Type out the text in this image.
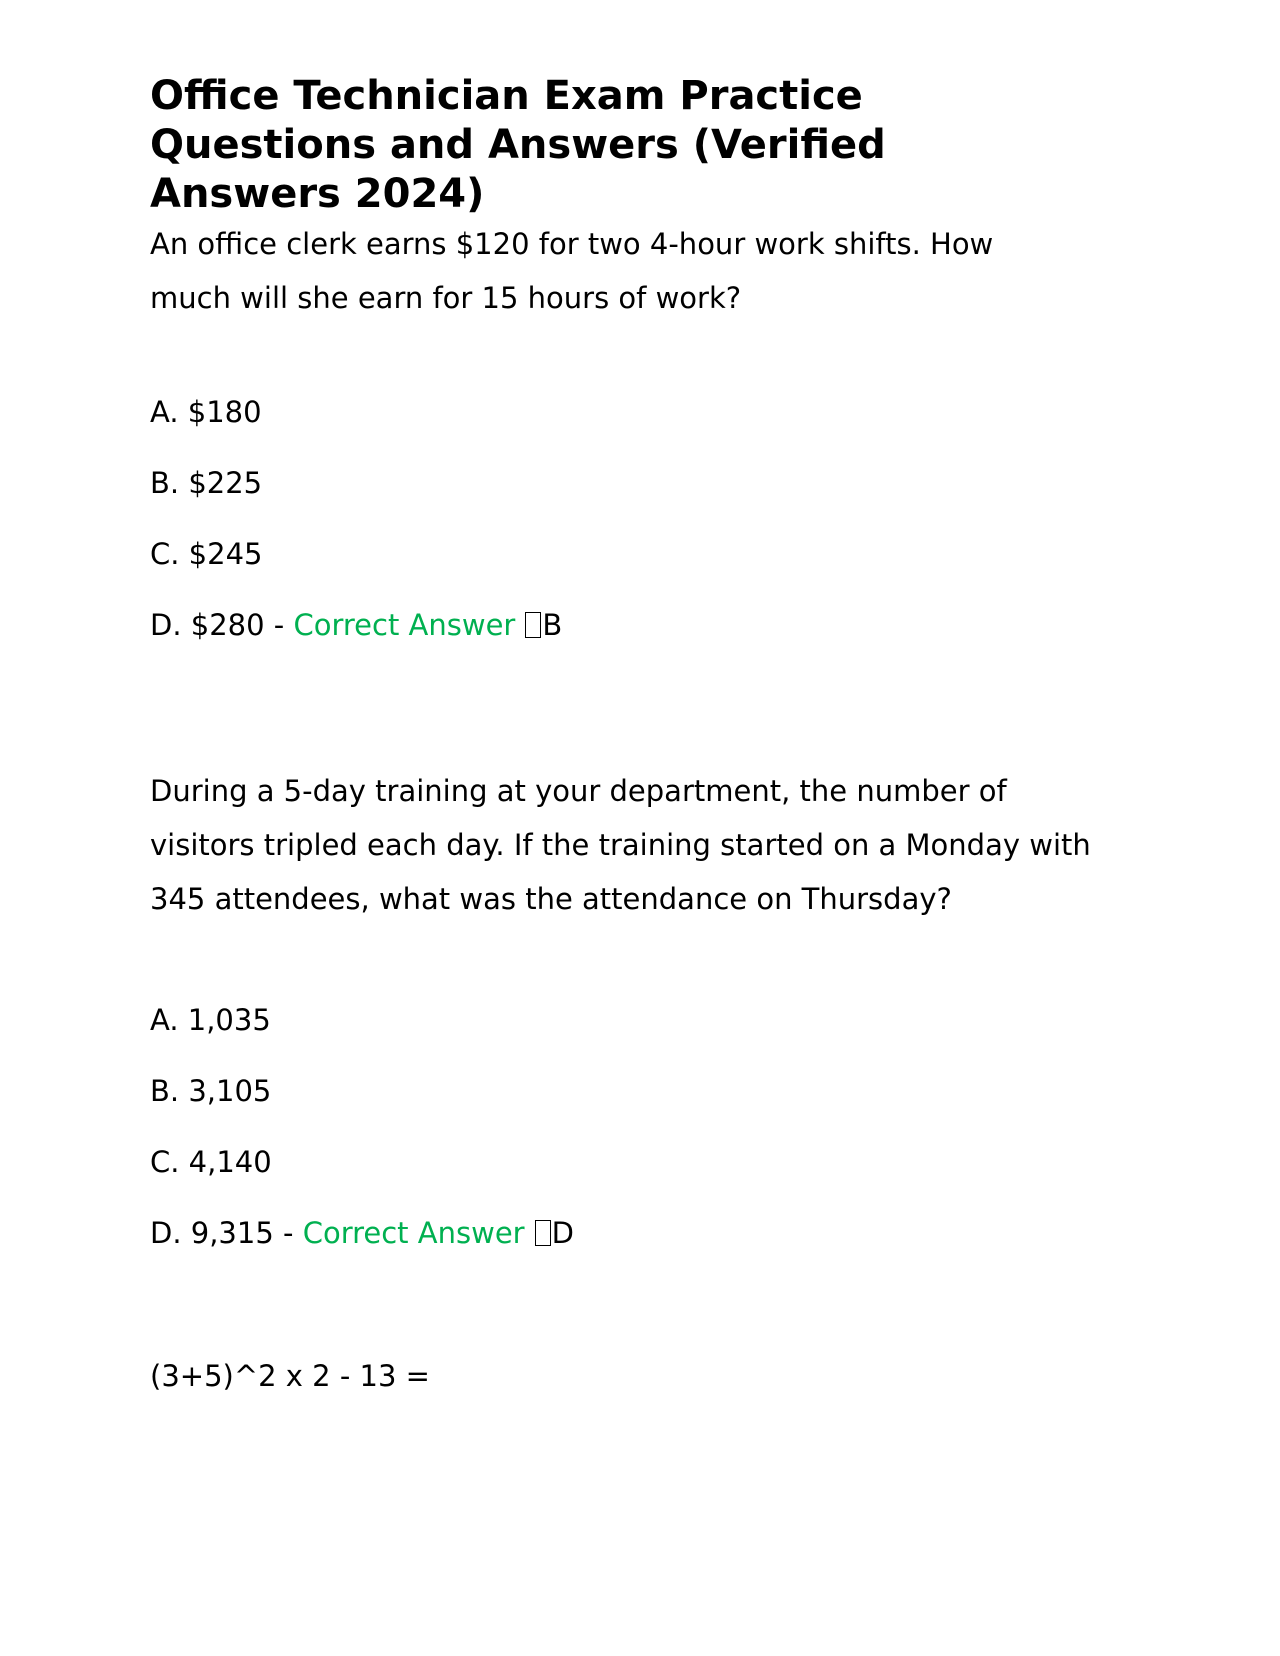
Office Technician Exam Practice Questions and Answers (Verified Answers 2024)

An office clerk earns $120 for two 4-hour work shifts. How much will she earn for 15 hours of work?

A. $180

B. $225

C. $245

D. $280 - Correct Answer B

During a 5-day training at your department, the number of visitors tripled each day. If the training started on a Monday with 345 attendees, what was the attendance on Thursday?

A. 1,035

B. 3,105

C. 4,140

D. 9,315 - Correct Answer D

(3+5)^2 x 2 - 13 =
